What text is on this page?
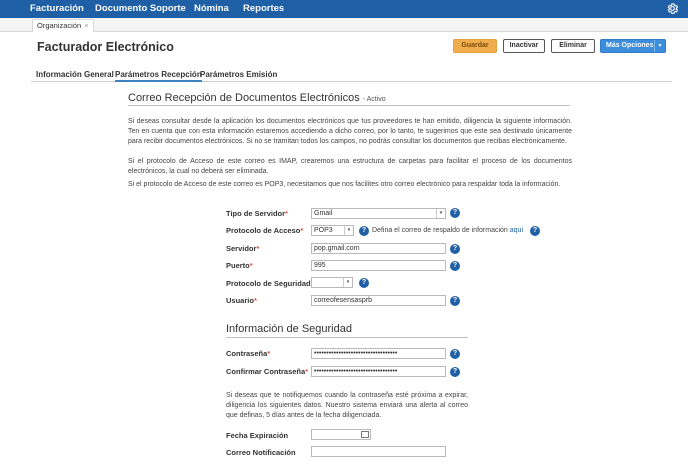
Facturación Documento Soporte Nómina Reportes
Organización ×
Facturador Electrónico	Guardar	Inactivar	Eliminar	Más Opciones ▾
Información General Parámetros Recepción
Parámetros Emisión
Correo Recepción de Documentos Electrónicos - Activo
Si deseas consultar desde la aplicación los documentos electrónicos que tus proveedores te han emitido, diligencia la siguiente información. Ten en cuenta que con esta información estaremos accediendo a dicho correo, por lo tanto, te sugerimos que este sea destinado únicamente para recibir documentos electrónicos. Si no se tramitan todos los campos, no podrás consultar los documentos que recibas electrónicamente.
Si el protocolo de Acceso de este correo es IMAP, crearemos una estructura de carpetas para facilitar el proceso de los documentos electrónicos, la cual no deberá ser eliminada.
Si el protocolo de Acceso de este correo es POP3, necesitamos que nos facilites otro correo electrónico para respaldar toda la información.
Tipo de Servidor*	Gmail	▾	?
Protocolo de Acceso*	POP3	▾	? Defina el correo de respaldo de información aqui	?
Servidor*	pop.gmail.com	?
Puerto*	995	?
Protocolo de Seguridad	▾	?
Usuario*	correofesensasprb	?
Información de Seguridad
Contraseña*	••••••••••••••••••••••••••••••••••	?
Confirmar Contraseña* ••••••••••••••••••••••••••••••••••	?
Si deseas que te notifiquemos cuando la contraseña esté próxima a expirar, diligencia los siguientes datos. Nuestro sistema enviará una alerta al correo que definas, 5 días antes de la fecha diligenciada.
Fecha Expiración
Correo Notificación
